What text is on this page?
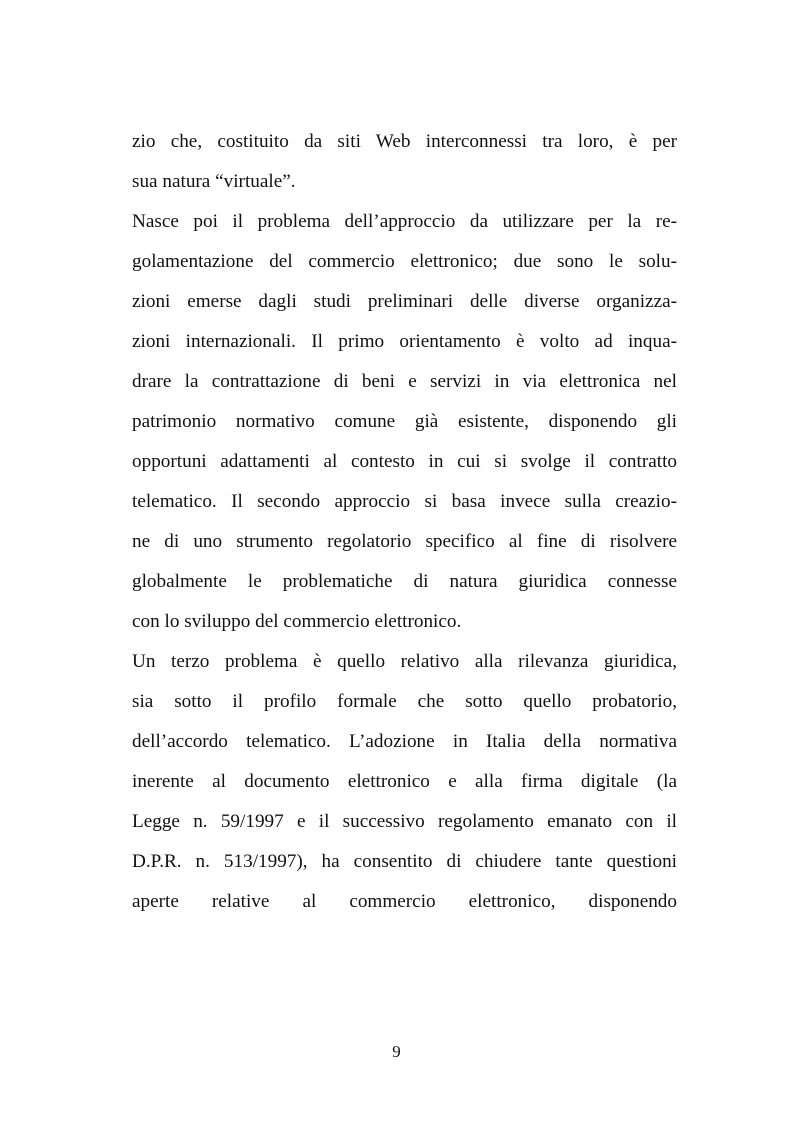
zio che, costituito da siti Web interconnessi tra loro, è per
sua natura “virtuale”.
Nasce poi il problema dell’approccio da utilizzare per la re-
golamentazione del commercio elettronico; due sono le solu-
zioni emerse dagli studi preliminari delle diverse organizza-
zioni internazionali. Il primo orientamento è volto ad inqua-
drare la contrattazione di beni e servizi in via elettronica nel
patrimonio normativo comune già esistente, disponendo gli
opportuni adattamenti al contesto in cui si svolge il contratto
telematico. Il secondo approccio si basa invece sulla creazio-
ne di uno strumento regolatorio specifico al fine di risolvere
globalmente le problematiche di natura giuridica connesse
con lo sviluppo del commercio elettronico.
Un terzo problema è quello relativo alla rilevanza giuridica,
sia sotto il profilo formale che sotto quello probatorio,
dell’accordo telematico. L’adozione in Italia della normativa
inerente al documento elettronico e alla firma digitale (la
Legge n. 59/1997 e il successivo regolamento emanato con il
D.P.R. n. 513/1997), ha consentito di chiudere tante questioni
aperte relative al commercio elettronico, disponendo
9
